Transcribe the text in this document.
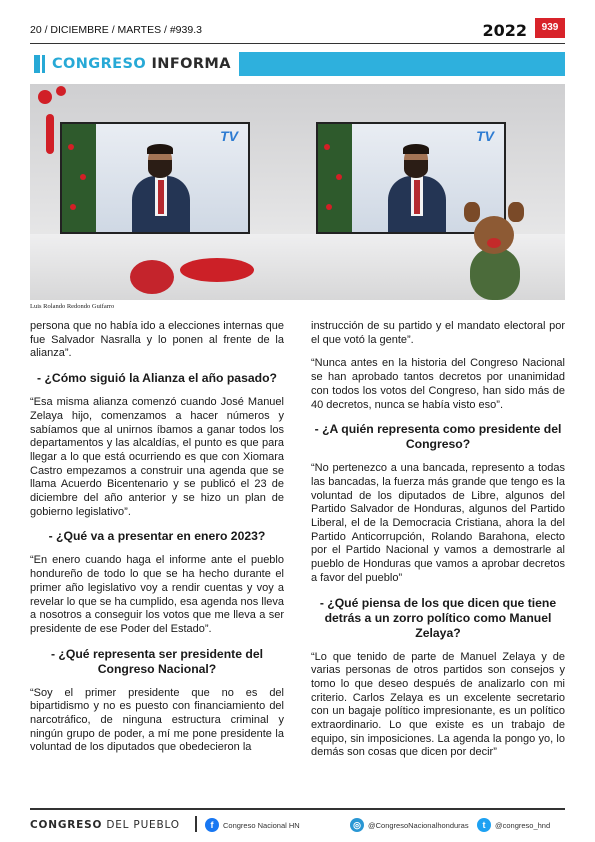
20 / DICIEMBRE / MARTES / #939.3	2022	939
CONGRESO INFORMA
TV	TV
Luis Rolando Redondo Guifarro

persona que no había ido a elecciones internas que fue Salvador Nasralla y lo ponen al frente de la alianza”.

- ¿Cómo siguió la Alianza el año pasado?

“Esa misma alianza comenzó cuando José Manuel Zelaya hijo, comenzamos a hacer números y sabíamos que al unirnos íbamos a ganar todos los departamentos y las alcaldías, el punto es que para llegar a lo que está ocurriendo es que con Xiomara Castro empezamos a construir una agenda que se llama Acuerdo Bicentenario y se publicó el 23 de diciembre del año anterior y se hizo un plan de gobierno legislativo”.

- ¿Qué va a presentar en enero 2023?

“En enero cuando haga el informe ante el pueblo hondureño de todo lo que se ha hecho durante el primer año legislativo voy a rendir cuentas y voy a revelar lo que se ha cumplido, esa agenda nos lleva a nosotros a conseguir los votos que me lleva a ser presidente de ese Poder del Estado”.

- ¿Qué representa ser presidente del Congreso Nacional?

“Soy el primer presidente que no es del bipartidismo y no es puesto con financiamiento del narcotráfico, de ninguna estructura criminal y ningún grupo de poder, a mí me pone presidente la voluntad de los diputados que obedecieron la

instrucción de su partido y el mandato electoral por el que votó la gente”.

“Nunca antes en la historia del Congreso Nacional se han aprobado tantos decretos por unanimidad con todos los votos del Congreso, han sido más de 40 decretos, nunca se había visto eso”.

- ¿A quién representa como presidente del Congreso?

“No pertenezco a una bancada, represento a todas las bancadas, la fuerza más grande que tengo es la voluntad de los diputados de Libre, algunos del Partido Salvador de Honduras, algunos del Partido Liberal, el de la Democracia Cristiana, ahora la del Partido Anticorrupción, Rolando Barahona, electo por el Partido Nacional y vamos a demostrarle al pueblo de Honduras que vamos a aprobar decretos a favor del pueblo”

- ¿Qué piensa de los que dicen que tiene detrás a un zorro político como Manuel Zelaya?

“Lo que tenido de parte de Manuel Zelaya y de varias personas de otros partidos son consejos y tomo lo que deseo después de analizarlo con mi criterio. Carlos Zelaya es un excelente secretario con un bagaje político impresionante, es un político extraordinario. Lo que existe es un trabajo de equipo, sin imposiciones. La agenda la pongo yo, lo demás son cosas que dicen por decir”

CONGRESO DEL PUEBLO	f	Congreso Nacional HN	◎ @CongresoNacionalhonduras	t	@congreso_hnd
